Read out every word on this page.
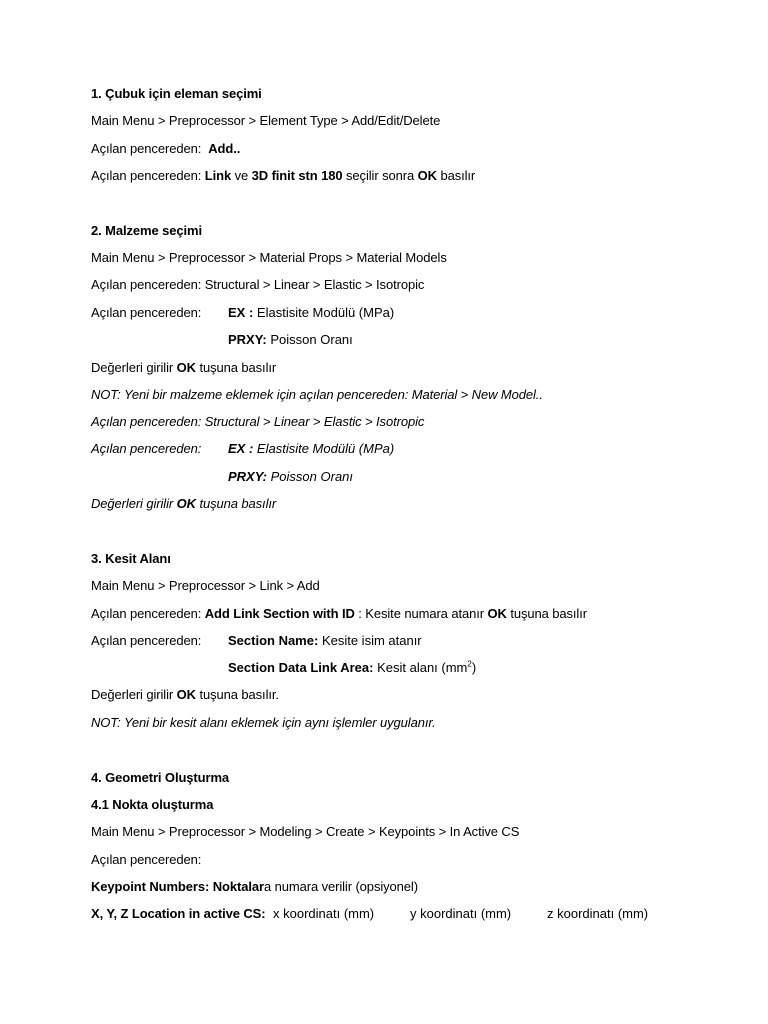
1. Çubuk için eleman seçimi
Main Menu > Preprocessor > Element Type > Add/Edit/Delete
Açılan pencereden: Add..
Açılan pencereden: Link ve 3D finit stn 180 seçilir sonra OK basılır
2. Malzeme seçimi
Main Menu > Preprocessor > Material Props > Material Models
Açılan pencereden: Structural > Linear > Elastic > Isotropic
Açılan pencereden: EX : Elastisite Modülü (MPa)
PRXY: Poisson Oranı
Değerleri girilir OK tuşuna basılır
NOT: Yeni bir malzeme eklemek için açılan pencereden: Material > New Model..
Açılan pencereden: Structural > Linear > Elastic > Isotropic
Açılan pencereden: EX : Elastisite Modülü (MPa)
PRXY: Poisson Oranı
Değerleri girilir OK tuşuna basılır
3. Kesit Alanı
Main Menu > Preprocessor > Link > Add
Açılan pencereden: Add Link Section with ID : Kesite numara atanır OK tuşuna basılır
Açılan pencereden: Section Name: Kesite isim atanır
Section Data Link Area: Kesit alanı $(mm^2)$
Değerleri girilir OK tuşuna basılır.
NOT: Yeni bir kesit alanı eklemek için aynı işlemler uygulanır.
4. Geometri Oluşturma
4.1 Nokta oluşturma
Main Menu > Preprocessor > Modeling > Create > Keypoints > In Active CS
Açılan pencereden:
Keypoint Numbers: Noktalara numara verilir (opsiyonel)
X, Y, Z Location in active CS: x koordinatı (mm)	y koordinatı (mm)	z koordinatı (mm)
